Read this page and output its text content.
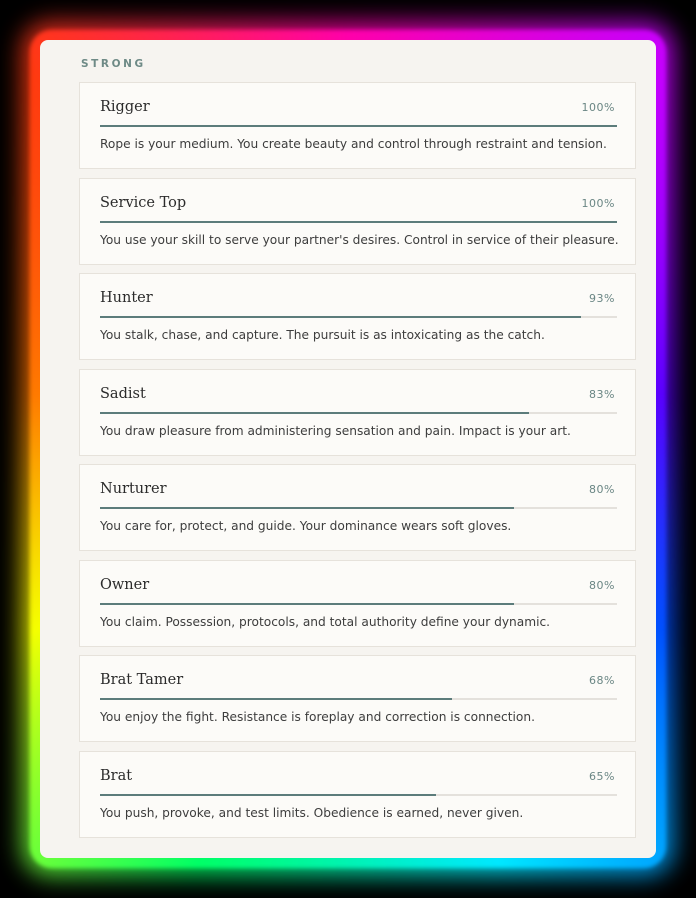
STRONG
Rigger	100%
Rope is your medium. You create beauty and control through restraint and tension.
Service Top	100%
You use your skill to serve your partner's desires. Control in service of their pleasure.
Hunter	93%
You stalk, chase, and capture. The pursuit is as intoxicating as the catch.
Sadist	83%
You draw pleasure from administering sensation and pain. Impact is your art.
Nurturer	80%
You care for, protect, and guide. Your dominance wears soft gloves.
Owner	80%
You claim. Possession, protocols, and total authority define your dynamic.
Brat Tamer	68%
You enjoy the fight. Resistance is foreplay and correction is connection.
Brat	65%
You push, provoke, and test limits. Obedience is earned, never given.
